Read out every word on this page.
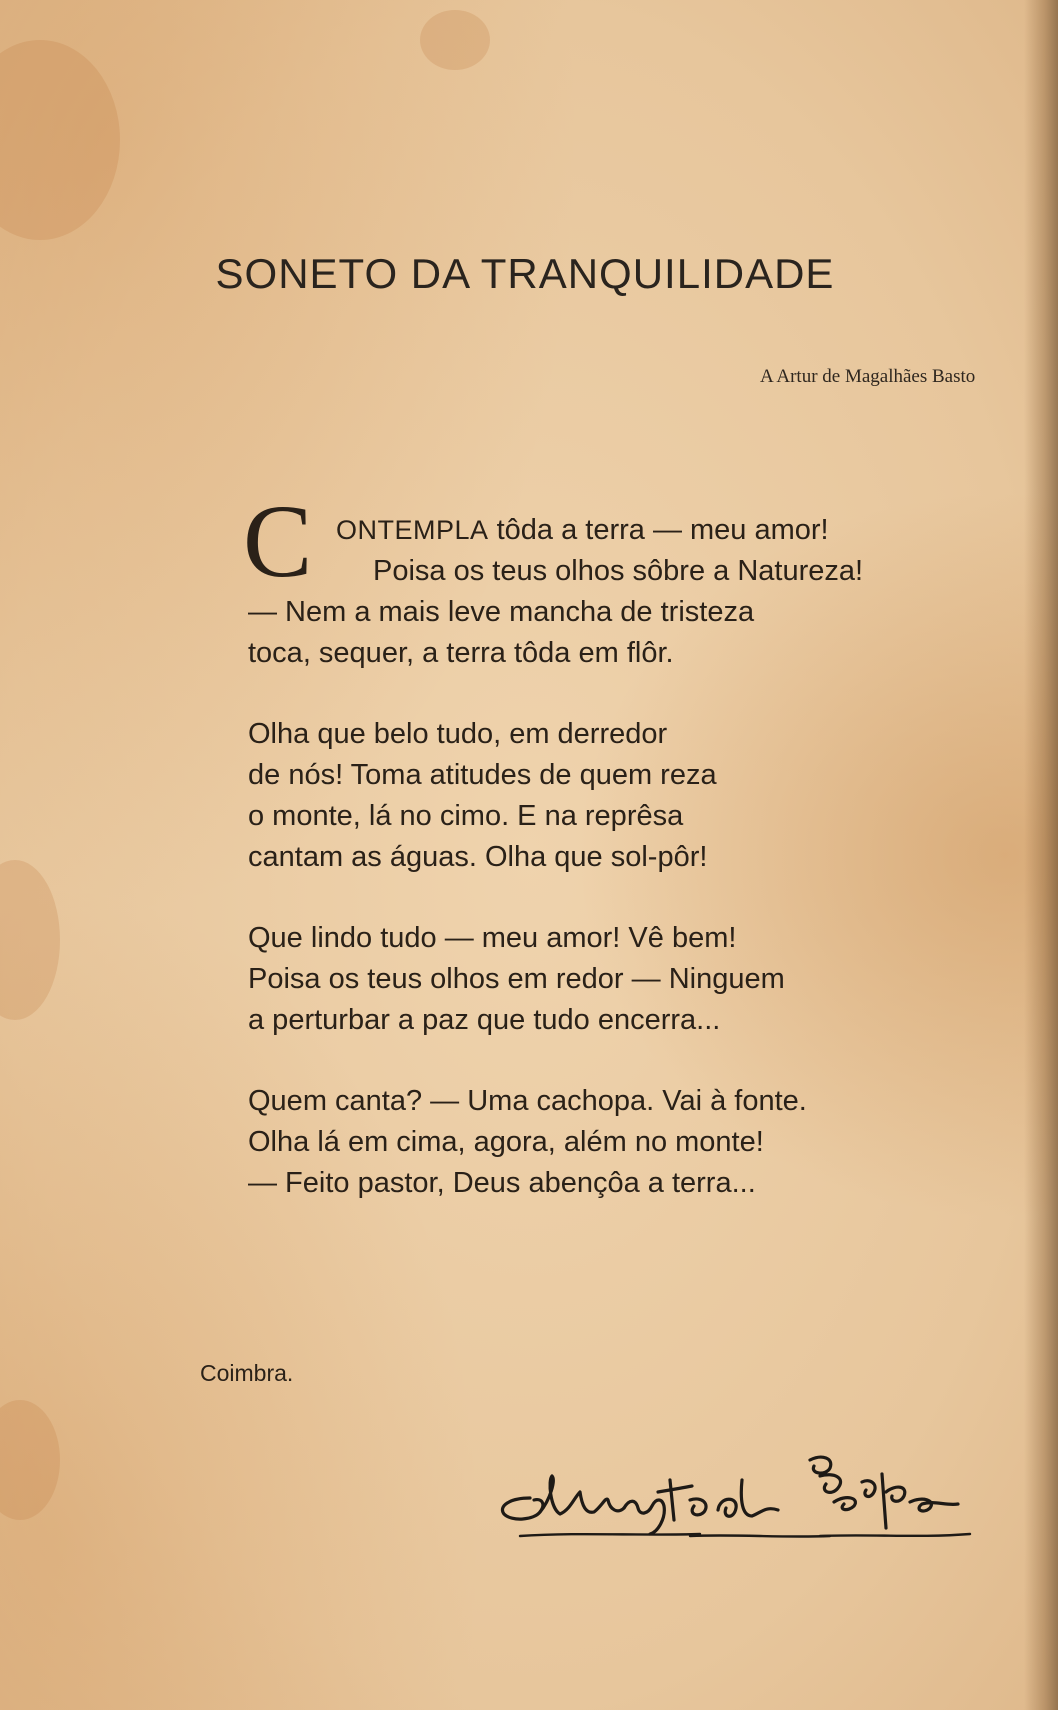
SONETO DA TRANQUILIDADE
A Artur de Magalhães Basto
C ONTEMPLA tôda a terra — meu amor!
Poisa os teus olhos sôbre a Natureza!
— Nem a mais leve mancha de tristeza
toca, sequer, a terra tôda em flôr.
Olha que belo tudo, em derredor
de nós! Toma atitudes de quem reza
o monte, lá no cimo. E na reprêsa
cantam as águas. Olha que sol-pôr!
Que lindo tudo — meu amor! Vê bem!
Poisa os teus olhos em redor — Ninguem
a perturbar a paz que tudo encerra...
Quem canta? — Uma cachopa. Vai à fonte.
Olha lá em cima, agora, além no monte!
— Feito pastor, Deus abençôa a terra...
Coimbra.
